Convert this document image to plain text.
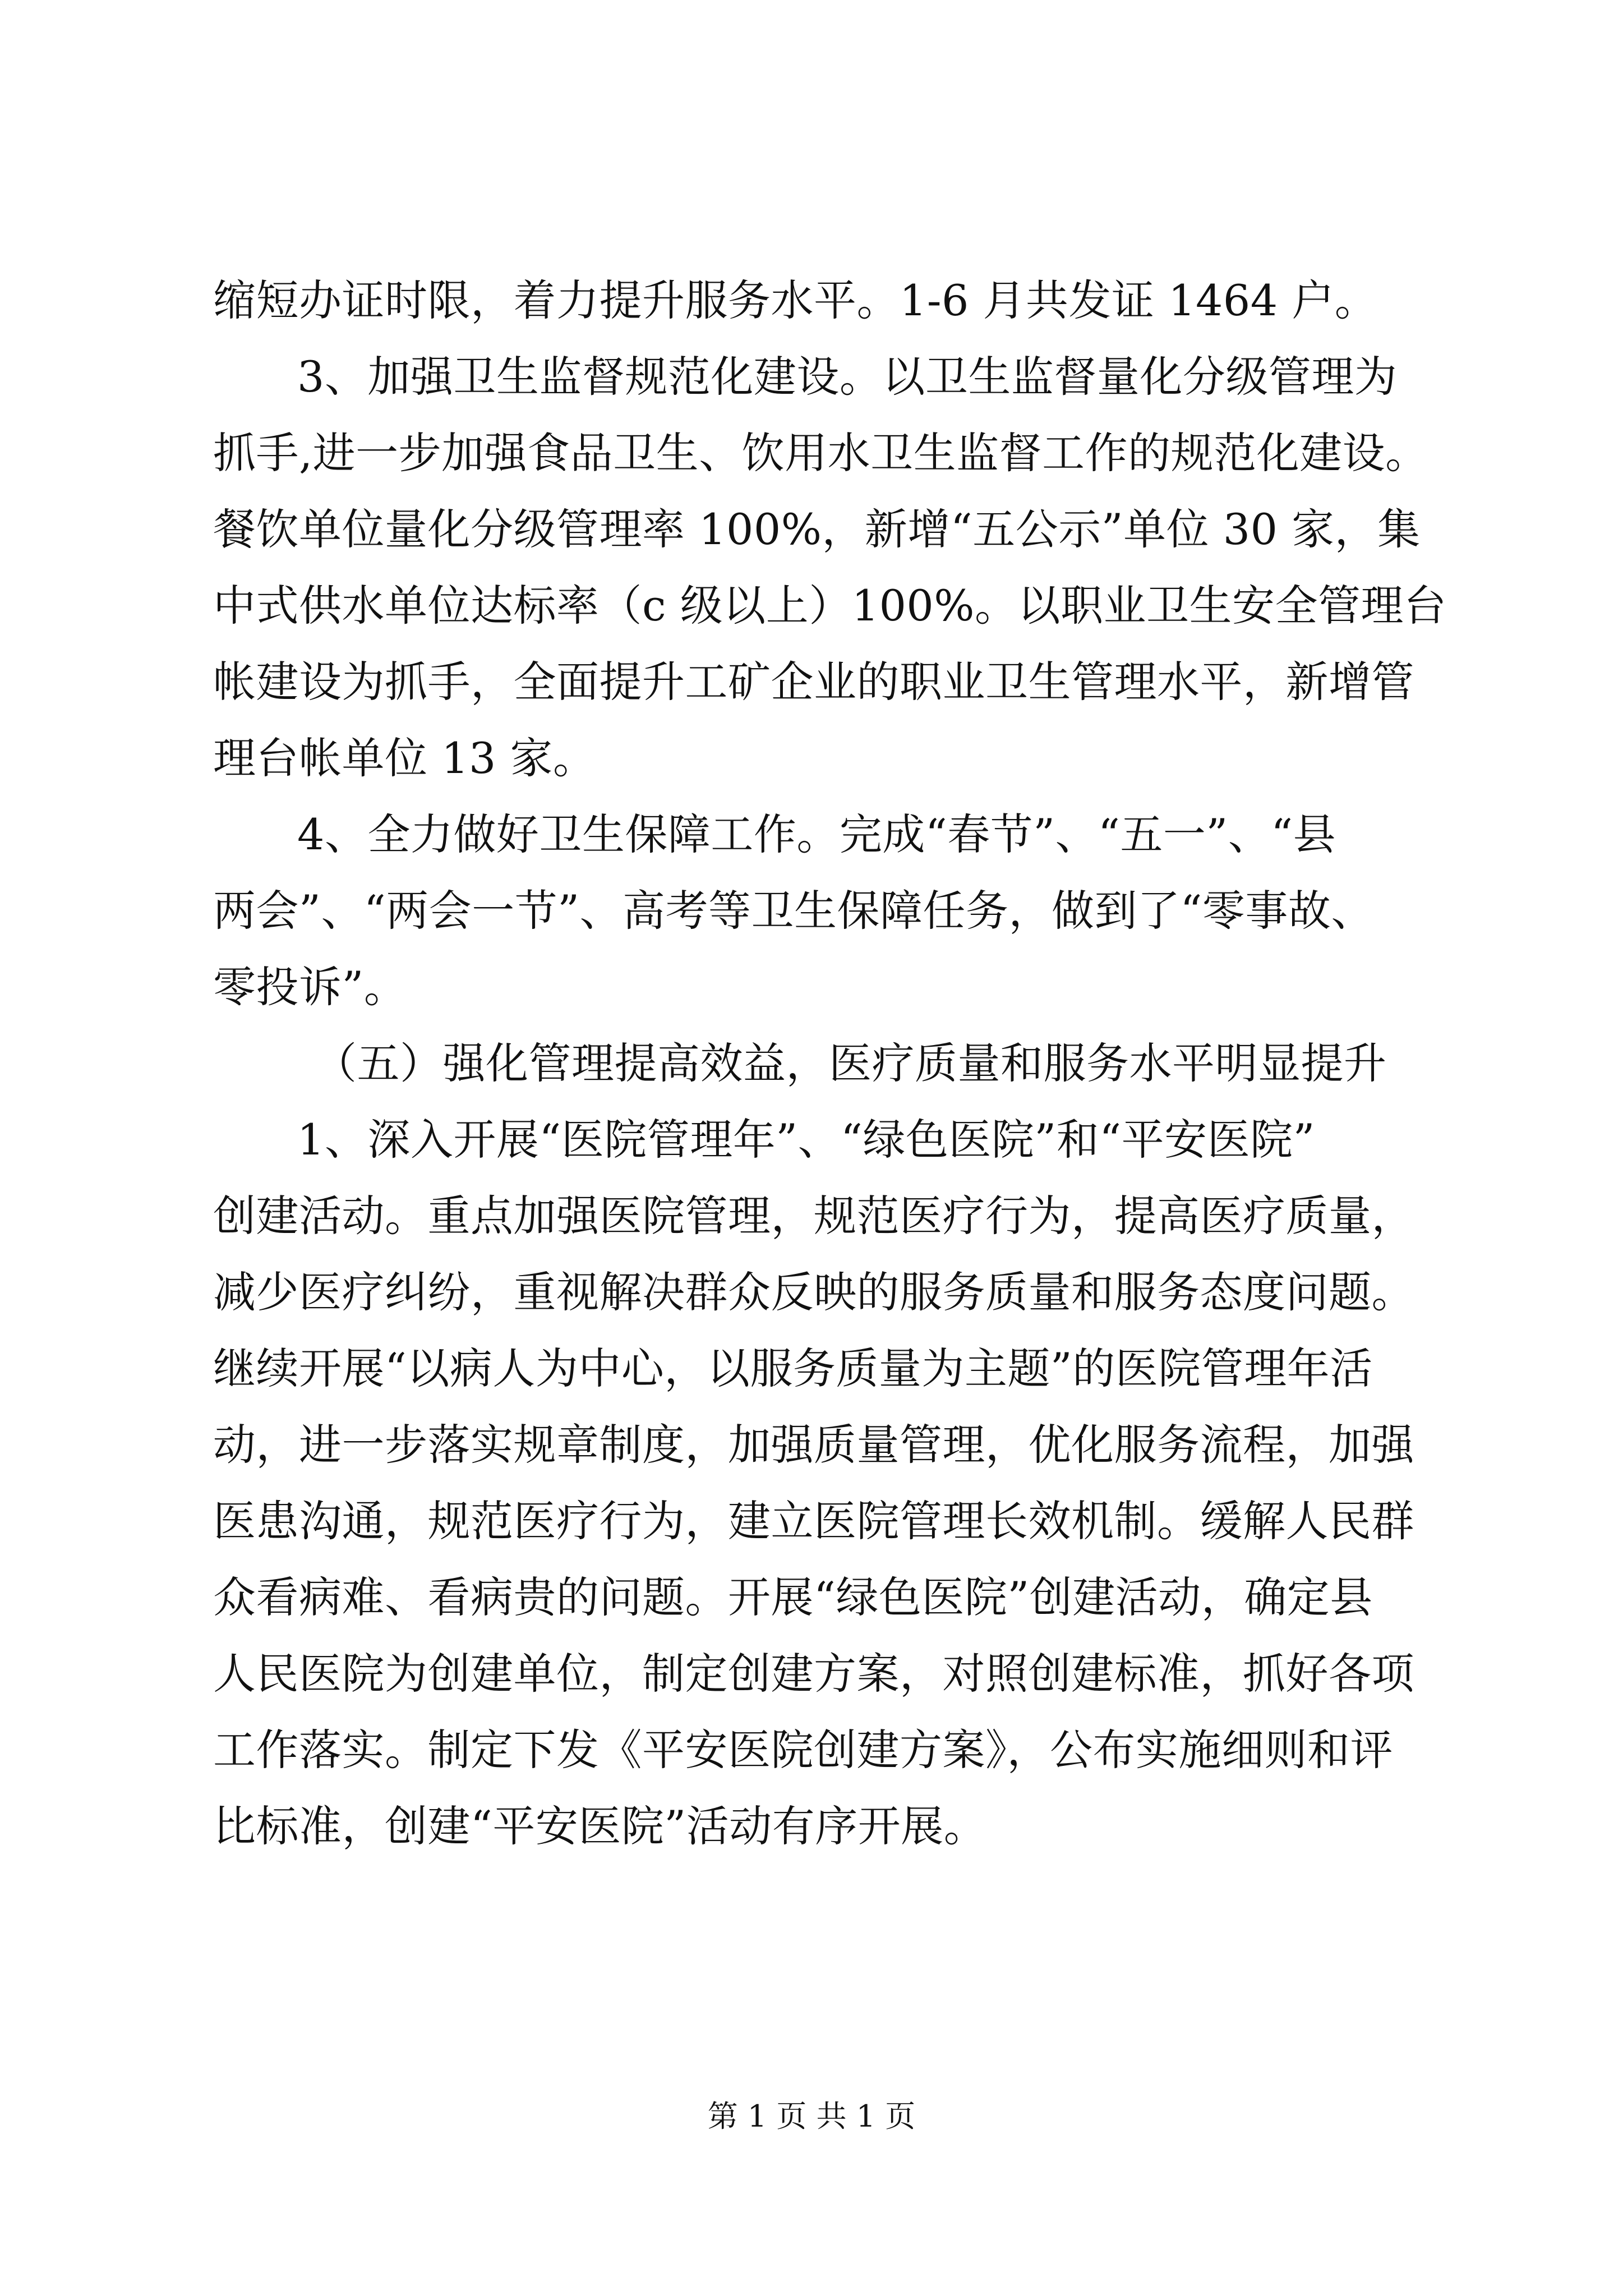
缩短办证时限，着力提升服务水平。1-6 月共发证 1464 户。
3、加强卫生监督规范化建设。以卫生监督量化分级管理为
抓手,进一步加强食品卫生、饮用水卫生监督工作的规范化建设。
餐饮单位量化分级管理率 100%，新增“五公示”单位 30 家，集
中式供水单位达标率（c 级以上）100%。以职业卫生安全管理台
帐建设为抓手，全面提升工矿企业的职业卫生管理水平，新增管
理台帐单位 13 家。
4、全力做好卫生保障工作。完成“春节”、“五一”、“县
两会”、“两会一节”、高考等卫生保障任务，做到了“零事故、
零投诉”。
（五）强化管理提高效益，医疗质量和服务水平明显提升
1、深入开展“医院管理年”、“绿色医院”和“平安医院”
创建活动。重点加强医院管理，规范医疗行为，提高医疗质量，
减少医疗纠纷，重视解决群众反映的服务质量和服务态度问题。
继续开展“以病人为中心，以服务质量为主题”的医院管理年活
动，进一步落实规章制度，加强质量管理，优化服务流程，加强
医患沟通，规范医疗行为，建立医院管理长效机制。缓解人民群
众看病难、看病贵的问题。开展“绿色医院”创建活动，确定县
人民医院为创建单位，制定创建方案，对照创建标准，抓好各项
工作落实。制定下发《平安医院创建方案》，公布实施细则和评
比标准，创建“平安医院”活动有序开展。
第 1 页 共 1 页
